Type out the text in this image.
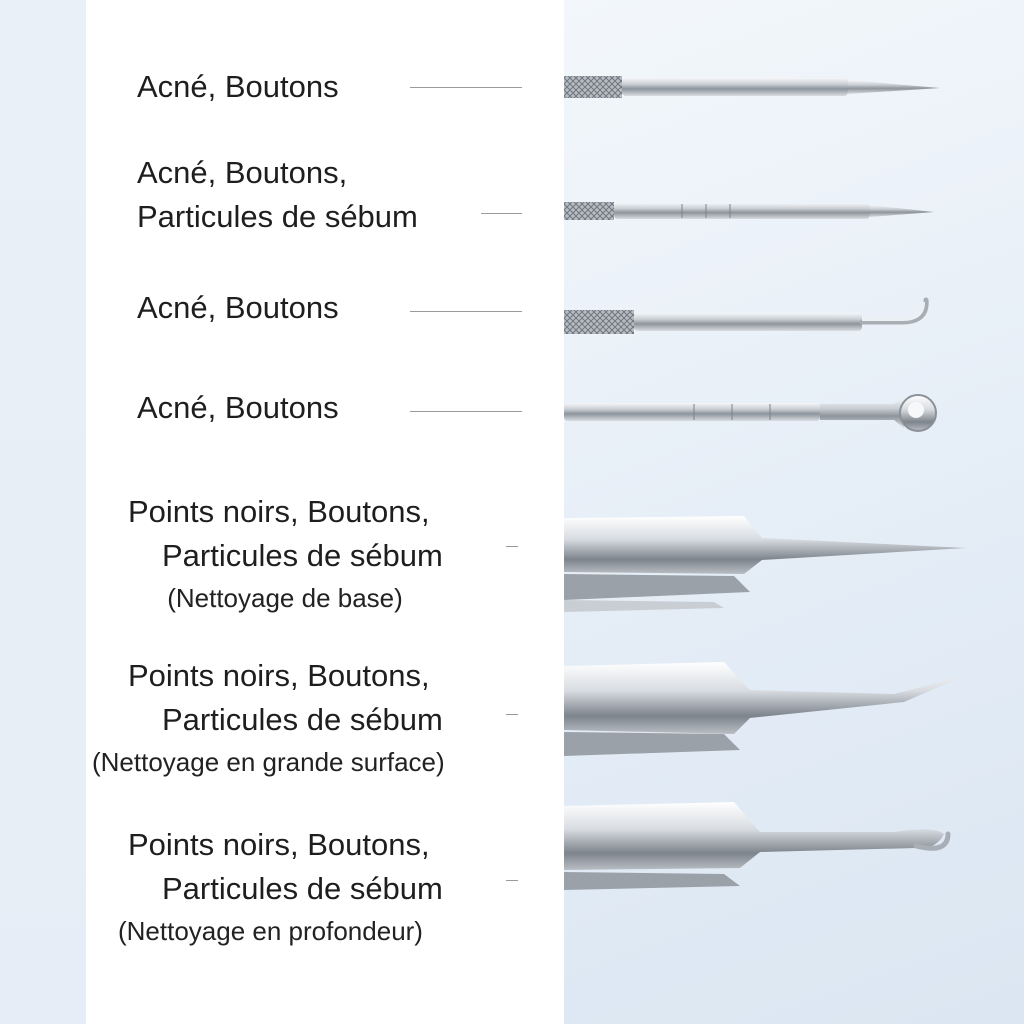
Acné, Boutons
Acné, Boutons,
Particules de sébum
Acné, Boutons
Acné, Boutons
Points noirs, Boutons,
Particules de sébum
(Nettoyage de base)
Points noirs, Boutons,
Particules de sébum
(Nettoyage en grande surface)
Points noirs, Boutons,
Particules de sébum
(Nettoyage en profondeur)
